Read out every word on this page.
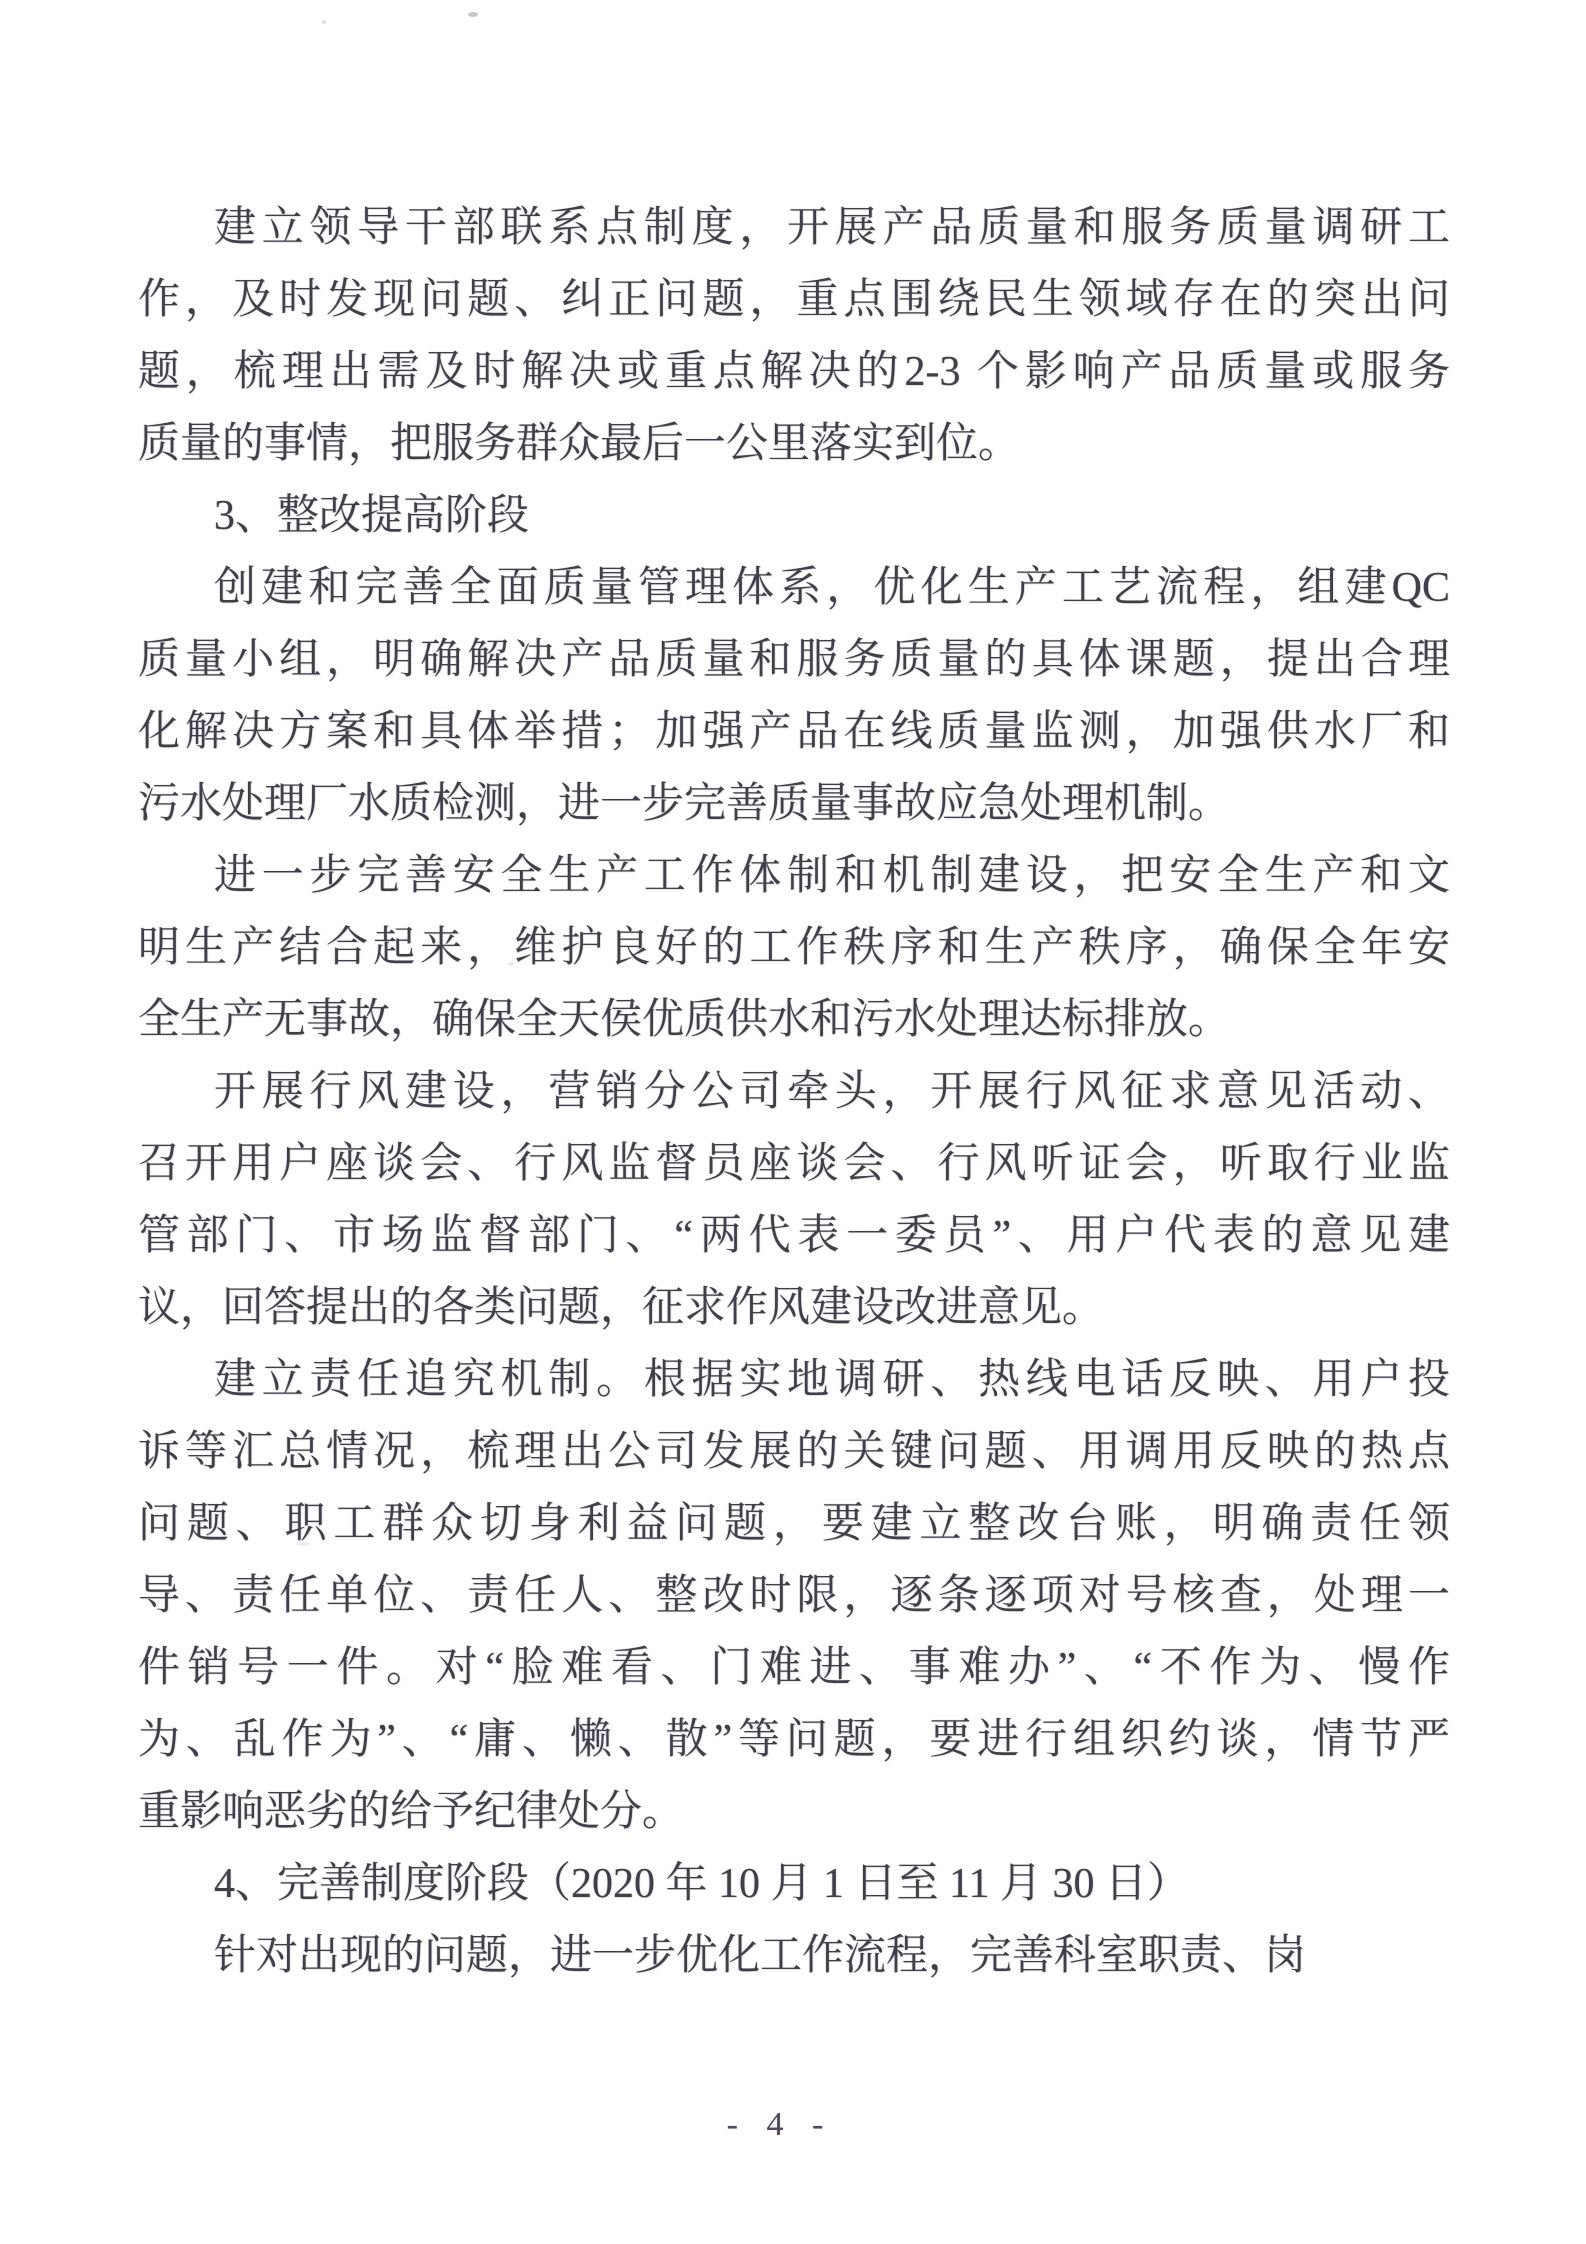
建立领导干部联系点制度，开展产品质量和服务质量调研工
作，及时发现问题、纠正问题，重点围绕民生领域存在的突出问
题，梳理出需及时解决或重点解决的2-3 个影响产品质量或服务
质量的事情，把服务群众最后一公里落实到位。
3、整改提高阶段
创建和完善全面质量管理体系，优化生产工艺流程，组建QC
质量小组，明确解决产品质量和服务质量的具体课题，提出合理
化解决方案和具体举措；加强产品在线质量监测，加强供水厂和
污水处理厂水质检测，进一步完善质量事故应急处理机制。
进一步完善安全生产工作体制和机制建设，把安全生产和文
明生产结合起来，维护良好的工作秩序和生产秩序，确保全年安
全生产无事故，确保全天侯优质供水和污水处理达标排放。
开展行风建设，营销分公司牵头，开展行风征求意见活动、
召开用户座谈会、行风监督员座谈会、行风听证会，听取行业监
管部门、市场监督部门、“两代表一委员”、用户代表的意见建
议，回答提出的各类问题，征求作风建设改进意见。
建立责任追究机制。根据实地调研、热线电话反映、用户投
诉等汇总情况，梳理出公司发展的关键问题、用调用反映的热点
问题、职工群众切身利益问题，要建立整改台账，明确责任领
导、责任单位、责任人、整改时限，逐条逐项对号核查，处理一
件销号一件。对“脸难看、门难进、事难办”、“不作为、慢作
为、乱作为”、“庸、懒、散”等问题，要进行组织约谈，情节严
重影响恶劣的给予纪律处分。
4、完善制度阶段（2020 年 10 月 1 日至 11 月 30 日）
针对出现的问题，进一步优化工作流程，完善科室职责、岗
- 4 -
